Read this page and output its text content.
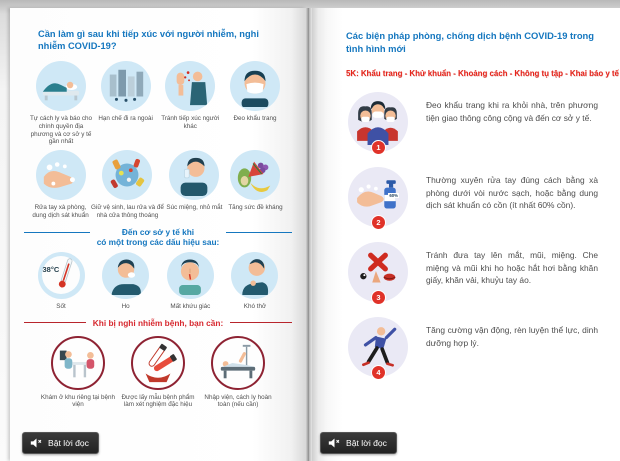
Cần làm gì sau khi tiếp xúc với người nhiễm, nghi nhiễm COVID-19?
Tự cách ly và báo cho chính quyền địa phương và cơ sở y tế gần nhất
Hạn chế đi ra ngoài	Tránh tiếp xúc người khác
Đeo khẩu trang
Rửa tay xà phòng, dung dịch sát khuẩn
Giữ vệ sinh, lau rửa và để nhà cửa thông thoáng
Súc miệng, nhỏ mắt Tăng sức đề kháng
Đến cơ sở y tế khi
có một trong các dấu hiệu sau:
38°C
Sốt	Ho	Mất khứu giác	Khó thở
Khi bị nghi nhiễm bệnh, bạn cần:
Khám ở khu riêng tại bệnh viện
Được lấy mẫu bệnh phẩm làm xét nghiệm đặc hiệu
Nhập viện, cách ly hoàn toàn (nếu cần)
Bật lời đọc
Các biện pháp phòng, chống dịch bệnh COVID-19 trong tình hình mới
5K: Khẩu trang - Khử khuẩn - Khoảng cách - Không tụ tập - Khai báo y tế
1
Đeo khẩu trang khi ra khỏi nhà, trên phương tiện giao thông công cộng và đến cơ sở y tế.
60%
2
Thường xuyên rửa tay đúng cách bằng xà phòng dưới vòi nước sạch, hoặc bằng dung dịch sát khuẩn có cồn (ít nhất 60% cồn).
3
Tránh đưa tay lên mắt, mũi, miệng. Che miệng và mũi khi ho hoặc hắt hơi bằng khăn giấy, khăn vải, khuỷu tay áo.
4
Tăng cường vận động, rèn luyện thể lực, dinh dưỡng hợp lý.
Bật lời đọc
